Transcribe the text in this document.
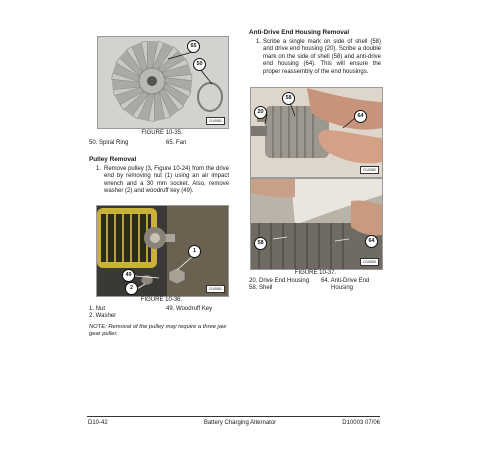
65
50
D10081
FIGURE 10-35.
50. Spiral Ring	65. Fan
Pulley Removal
1. Remove pulley (3, Figure 10-24) from the drive end by removing nut (1) using an air impact wrench and a 30 mm socket. Also, remove washer (2) and woodruff key (49).
1
49
2	D10081
FIGURE 10-36.
1. Nut
2. Washer
49. Woodruff Key
NOTE: Removal of the pulley may require a three jaw gear puller.
Anti-Drive End Housing Removal
1. Scribe a single mark on side of shell (58) and drive end housing (20). Scribe a double mark on the side of shell (58) and anti-drive end housing (64). This will ensure the proper reassembly of the end housings.
20
58
64
D10082
58	64
D10083
FIGURE 10-37.
20. Drive End Housing
58. Shell
64. Anti-Drive End
Housing
D10-42	Battery Charging Alternator	D10003 07/06
